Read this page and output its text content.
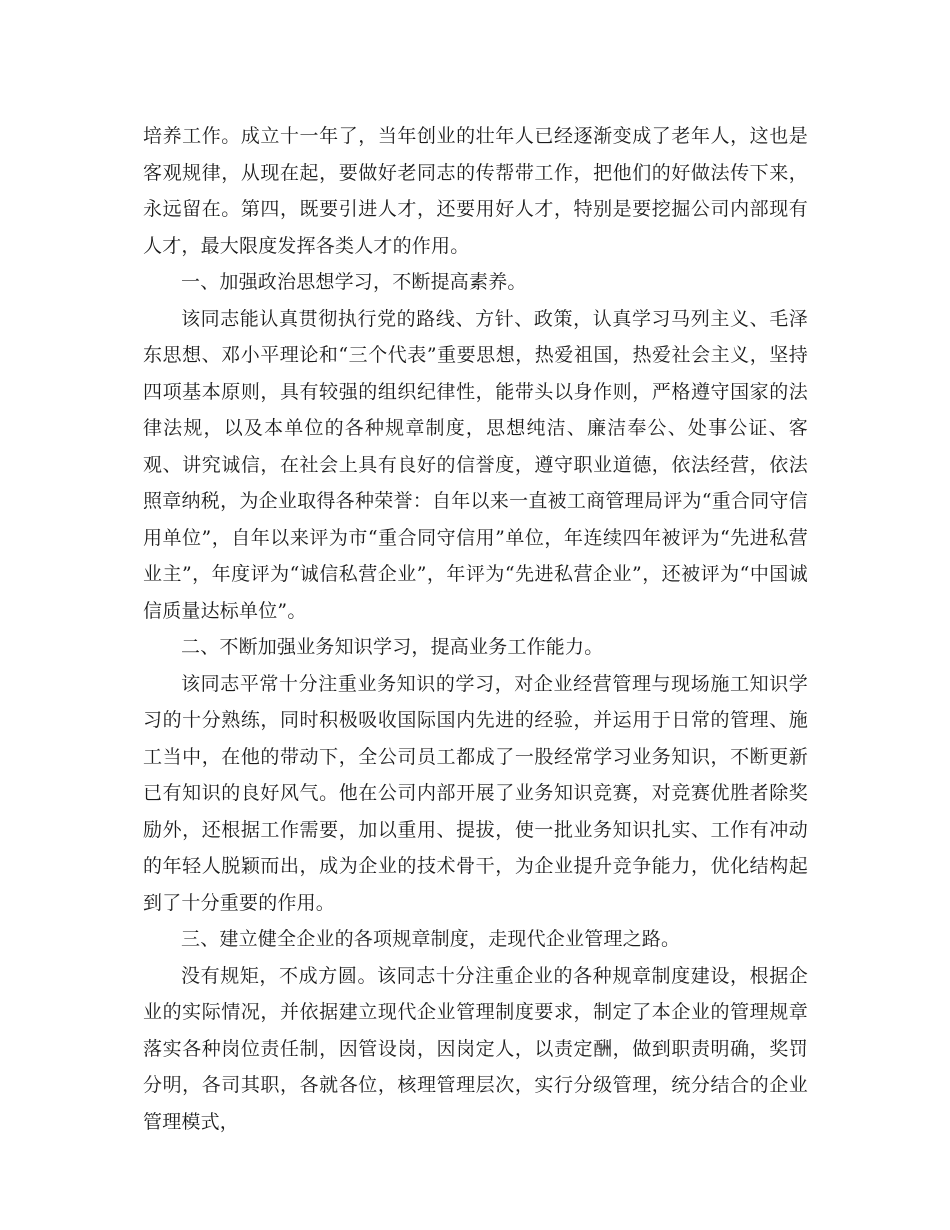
培养工作。成立十一年了，当年创业的壮年人已经逐渐变成了老年人，这也是客观规律，从现在起，要做好老同志的传帮带工作，把他们的好做法传下来，永远留在。第四，既要引进人才，还要用好人才，特别是要挖掘公司内部现有人才，最大限度发挥各类人才的作用。

一、加强政治思想学习，不断提高素养。

该同志能认真贯彻执行党的路线、方针、政策，认真学习马列主义、毛泽东思想、邓小平理论和“三个代表”重要思想，热爱祖国，热爱社会主义，坚持四项基本原则，具有较强的组织纪律性，能带头以身作则，严格遵守国家的法律法规，以及本单位的各种规章制度，思想纯洁、廉洁奉公、处事公证、客观、讲究诚信，在社会上具有良好的信誉度，遵守职业道德，依法经营，依法照章纳税，为企业取得各种荣誉：自年以来一直被工商管理局评为“重合同守信用单位”，自年以来评为市“重合同守信用”单位，年连续四年被评为“先进私营业主”，年度评为“诚信私营企业”，年评为“先进私营企业”，还被评为“中国诚信质量达标单位”。

二、不断加强业务知识学习，提高业务工作能力。

该同志平常十分注重业务知识的学习，对企业经营管理与现场施工知识学习的十分熟练，同时积极吸收国际国内先进的经验，并运用于日常的管理、施工当中，在他的带动下，全公司员工都成了一股经常学习业务知识，不断更新已有知识的良好风气。他在公司内部开展了业务知识竞赛，对竞赛优胜者除奖励外，还根据工作需要，加以重用、提拔，使一批业务知识扎实、工作有冲动的年轻人脱颖而出，成为企业的技术骨干，为企业提升竞争能力，优化结构起到了十分重要的作用。

三、建立健全企业的各项规章制度，走现代企业管理之路。

没有规矩，不成方圆。该同志十分注重企业的各种规章制度建设，根据企业的实际情况，并依据建立现代企业管理制度要求，制定了本企业的管理规章落实各种岗位责任制，因管设岗，因岗定人，以责定酬，做到职责明确，奖罚分明，各司其职，各就各位，核理管理层次，实行分级管理，统分结合的企业管理模式，
